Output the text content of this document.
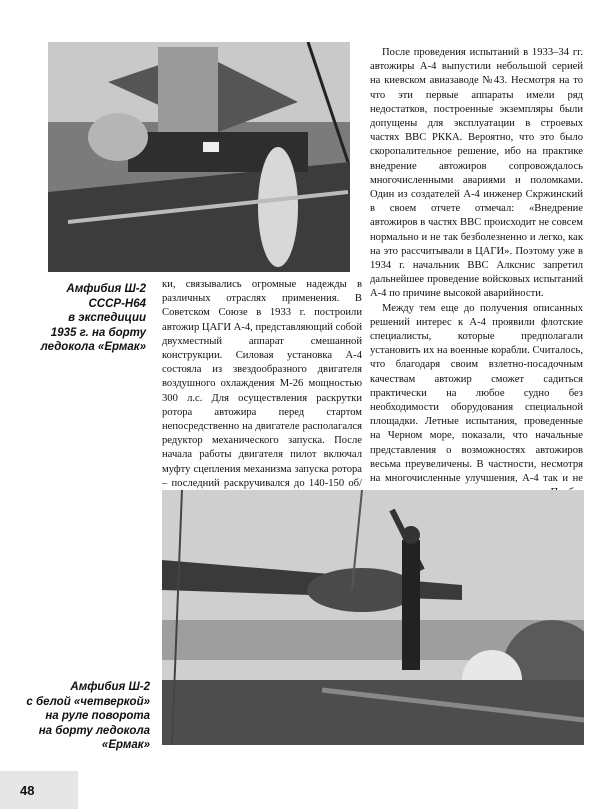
Амфибия Ш-2
СССР-Н64
в экспедиции
1935 г. на борту
ледокола «Ермак»

ки, связывались огромные надежды в различных отраслях применения. В Советском Союзе в 1933 г. построили автожир ЦАГИ А-4, представляющий собой двухместный аппарат смешанной конструкции. Силовая установка А-4 состояла из звездообразного двигателя воздушного охлаждения М-26 мощностью 300 л.с. Для осуществления раскрутки ротора автожира перед стартом непосредственно на двигателе располагался редуктор механического запуска. После начала работы двигателя пилот включал муфту сцепления механизма запуска ротора – последний раскручивался до 140-150 об/

После проведения испытаний в 1933–34 гг. автожиры А-4 выпустили небольшой серией на киевском авиазаводе №43. Несмотря на то что эти первые аппараты имели ряд недостатков, построенные экземпляры были допущены для эксплуатации в строевых частях ВВС РККА. Вероятно, что это было скоропалительное решение, ибо на практике внедрение автожиров сопровождалось многочисленными авариями и поломками. Один из создателей А-4 инженер Скржинский в своем отчете отмечал: «Внедрение автожиров в частях ВВС происходит не совсем нормально и не так безболезненно и легко, как на это рассчитывали в ЦАГИ». Поэтому уже в 1934 г. начальник ВВС Алкснис запретил дальнейшее проведение войсковых испытаний А-4 по причине высокой аварийности.

Между тем еще до получения описанных решений интерес к А-4 проявили флотские специалисты, которые предполагали установить их на военные корабли. Считалось, что благодаря своим взлетно-посадочным качествам автожир сможет садиться практически на любое судно без необходимости оборудования специальной площадки. Летные испытания, проведенные на Черном море, показали, что начальные представления о возможностях автожиров весьма преувеличены. В частности, несмотря на многочисленные улучшения, А-4 так и не

Амфибия Ш-2
с белой «четверкой»
на руле поворота
на борту ледокола
«Ермак»
48
